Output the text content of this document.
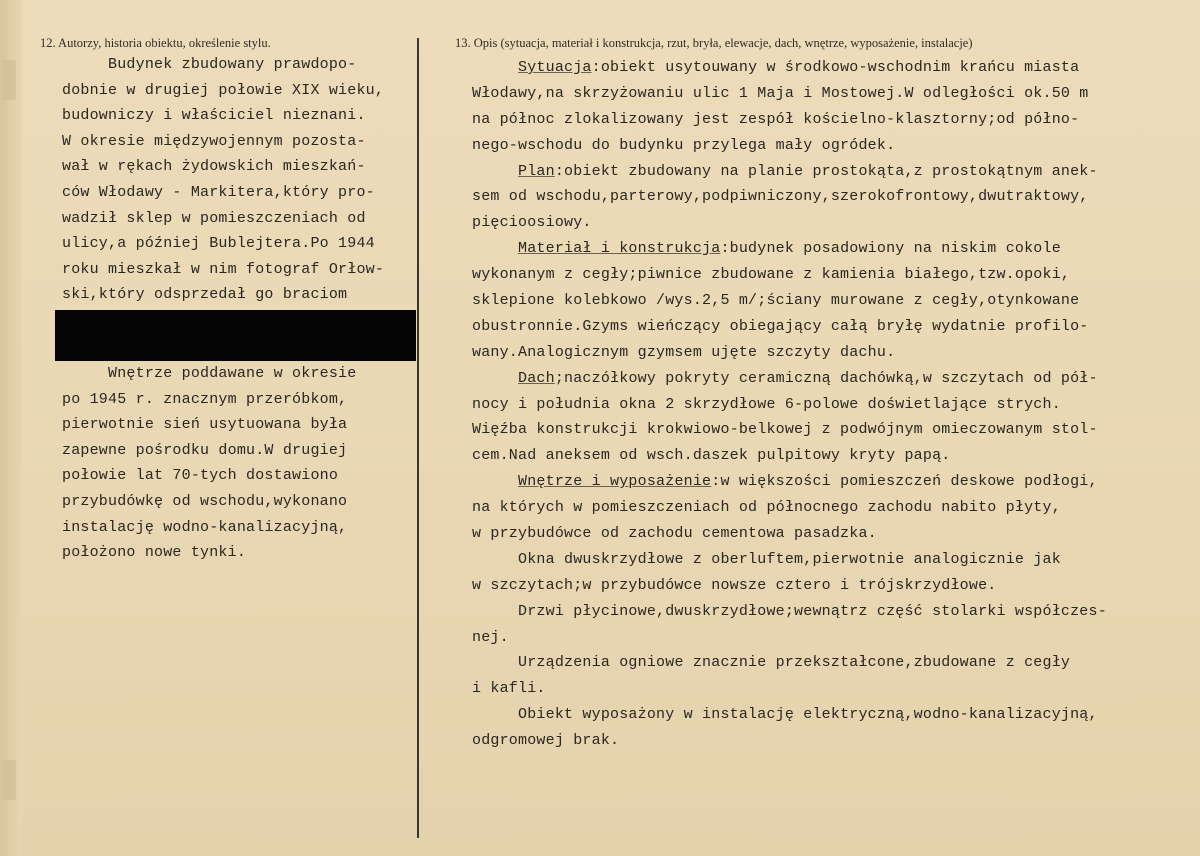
12. Autorzy, historia obiektu, określenie stylu.	13. Opis (sytuacja, materiał i konstrukcja, rzut, bryła, elewacje, dach, wnętrze, wyposażenie, instalacje)
Budynek zbudowany prawdopo-
dobnie w drugiej połowie XIX wieku,
budowniczy i właściciel nieznani.
W okresie międzywojennym pozosta-
wał w rękach żydowskich mieszkań-
ców Włodawy - Markitera,który pro-
wadził sklep w pomieszczeniach od
ulicy,a później Bublejtera.Po 1944
roku mieszkał w nim fotograf Orłow-
ski,który odsprzedał go braciom
Wnętrze poddawane w okresie
po 1945 r. znacznym przeróbkom,
pierwotnie sień usytuowana była
zapewne pośrodku domu.W drugiej
połowie lat 70-tych dostawiono
przybudówkę od wschodu,wykonano
instalację wodno-kanalizacyjną,
położono nowe tynki.
Sytuacja:obiekt usytouwany w środkowo-wschodnim krańcu miasta
Włodawy,na skrzyżowaniu ulic 1 Maja i Mostowej.W odległości ok.50 m
na północ zlokalizowany jest zespół kościelno-klasztorny;od półno-
nego-wschodu do budynku przylega mały ogródek.
Plan:obiekt zbudowany na planie prostokąta,z prostokątnym anek-
sem od wschodu,parterowy,podpiwniczony,szerokofrontowy,dwutraktowy,
pięcioosiowy.
Materiał i konstrukcja:budynek posadowiony na niskim cokole
wykonanym z cegły;piwnice zbudowane z kamienia białego,tzw.opoki,
sklepione kolebkowo /wys.2,5 m/;ściany murowane z cegły,otynkowane
obustronnie.Gzyms wieńczący obiegający całą bryłę wydatnie profilo-
wany.Analogicznym gzymsem ujęte szczyty dachu.
Dach;naczółkowy pokryty ceramiczną dachówką,w szczytach od pół-
nocy i południa okna 2 skrzydłowe 6-polowe doświetlające strych.
Więźba konstrukcji krokwiowo-belkowej z podwójnym omieczowanym stol-
cem.Nad aneksem od wsch.daszek pulpitowy kryty papą.
Wnętrze i wyposażenie:w większości pomieszczeń deskowe podłogi,
na których w pomieszczeniach od północnego zachodu nabito płyty,
w przybudówce od zachodu cementowa pasadzka.
Okna dwuskrzydłowe z oberluftem,pierwotnie analogicznie jak
w szczytach;w przybudówce nowsze cztero i trójskrzydłowe.
Drzwi płycinowe,dwuskrzydłowe;wewnątrz część stolarki współczes-
nej.
Urządzenia ogniowe znacznie przekształcone,zbudowane z cegły
i kafli.
Obiekt wyposażony w instalację elektryczną,wodno-kanalizacyjną,
odgromowej brak.
